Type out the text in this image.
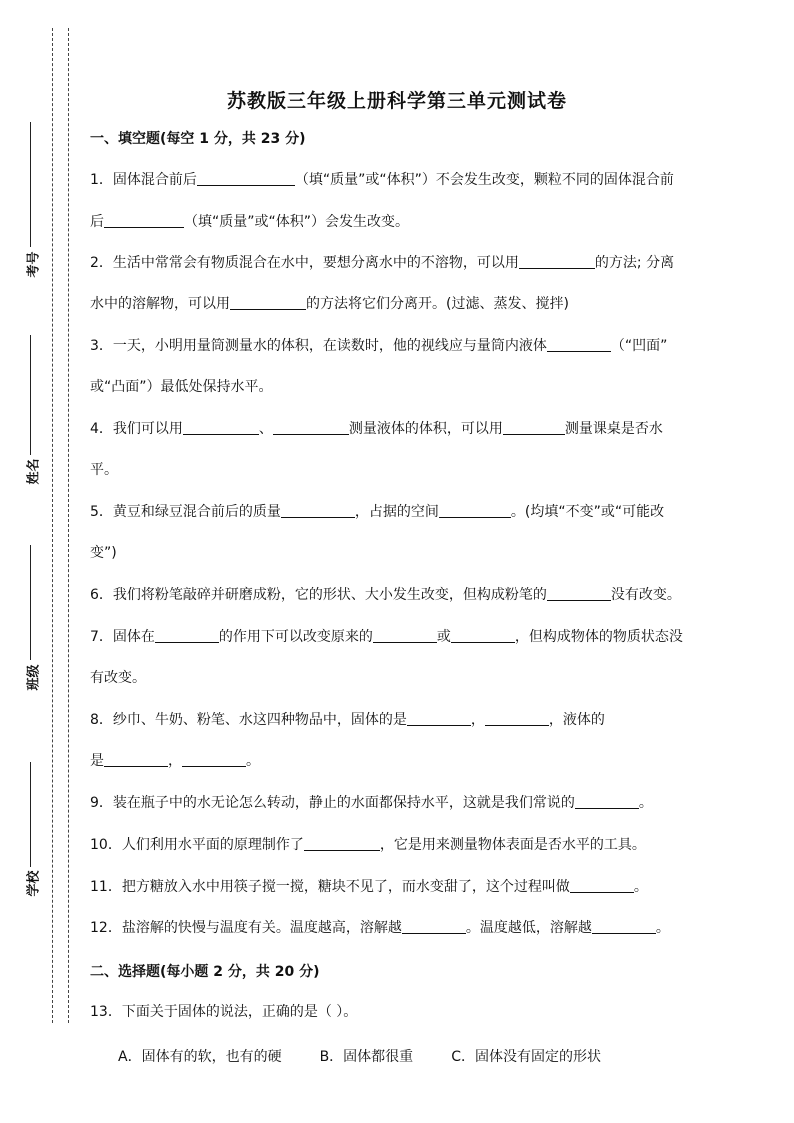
考号
姓名
班级
学校
苏教版三年级上册科学第三单元测试卷
一、填空题(每空 1 分，共 23 分)
1．固体混合前后	（填“质量”或“体积”）不会发生改变，颗粒不同的固体混合前
后	（填“质量”或“体积”）会发生改变。
2．生活中常常会有物质混合在水中，要想分离水中的不溶物，可以用	的方法; 分离
水中的溶解物，可以用	的方法将它们分离开。(过滤、蒸发、搅拌)
3．一天，小明用量筒测量水的体积，在读数时，他的视线应与量筒内液体	（“凹面”
或“凸面”）最低处保持水平。
4．我们可以用	、	测量液体的体积，可以用	测量课桌是否水
平。
5．黄豆和绿豆混合前后的质量	，占据的空间	。(均填“不变”或“可能改
变”)
6．我们将粉笔敲碎并研磨成粉，它的形状、大小发生改变，但构成粉笔的	没有改变。
7．固体在	的作用下可以改变原来的	或	，但构成物体的物质状态没
有改变。
8．纱巾、牛奶、粉笔、水这四种物品中，固体的是	，	，液体的
是	，	。
9．装在瓶子中的水无论怎么转动，静止的水面都保持水平，这就是我们常说的	。
10．人们利用水平面的原理制作了	，它是用来测量物体表面是否水平的工具。
11．把方糖放入水中用筷子搅一搅，糖块不见了，而水变甜了，这个过程叫做	。
12．盐溶解的快慢与温度有关。温度越高，溶解越	。温度越低，溶解越	。
二、选择题(每小题 2 分，共 20 分)
13．下面关于固体的说法，正确的是（ ）。
A．固体有的软，也有的硬	B．固体都很重	C．固体没有固定的形状
